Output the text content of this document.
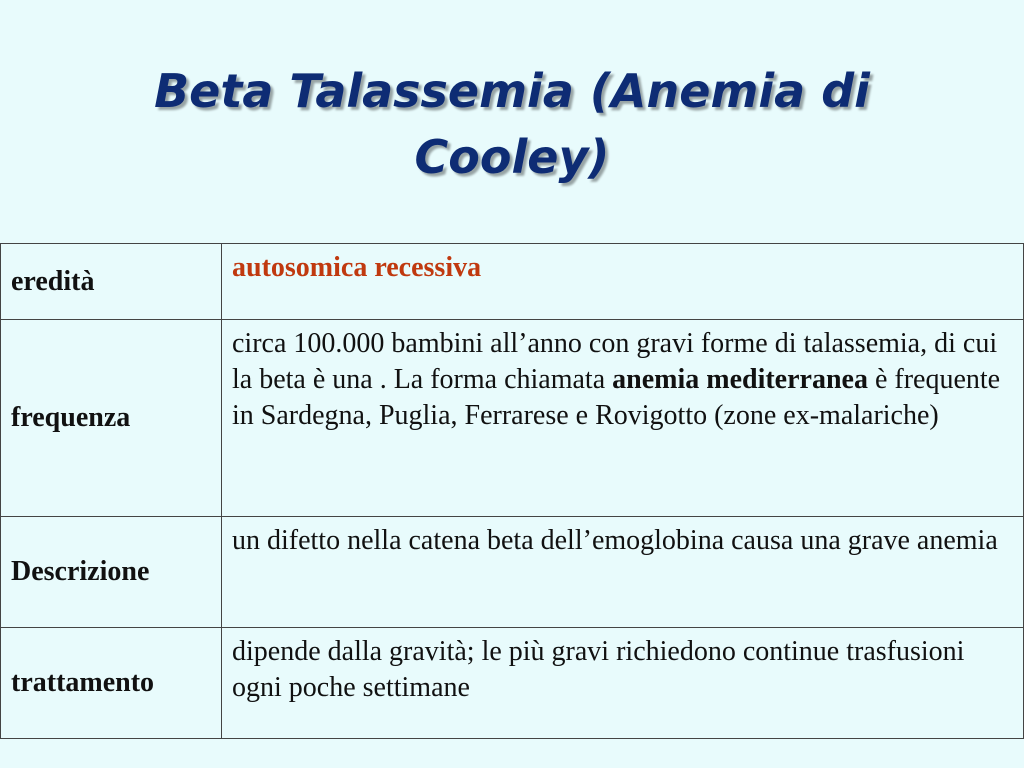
Beta Talassemia (Anemia di
Cooley)
eredità	autosomica recessiva
frequenza	circa 100.000 bambini all’anno con gravi forme di talassemia, di cui la beta è una . La forma chiamata anemia mediterranea è frequente in Sardegna, Puglia, Ferrarese e Rovigotto (zone ex-malariche)
Descrizione	un difetto nella catena beta dell’emoglobina causa una grave anemia
trattamento	dipende dalla gravità; le più gravi richiedono continue trasfusioni ogni poche settimane
